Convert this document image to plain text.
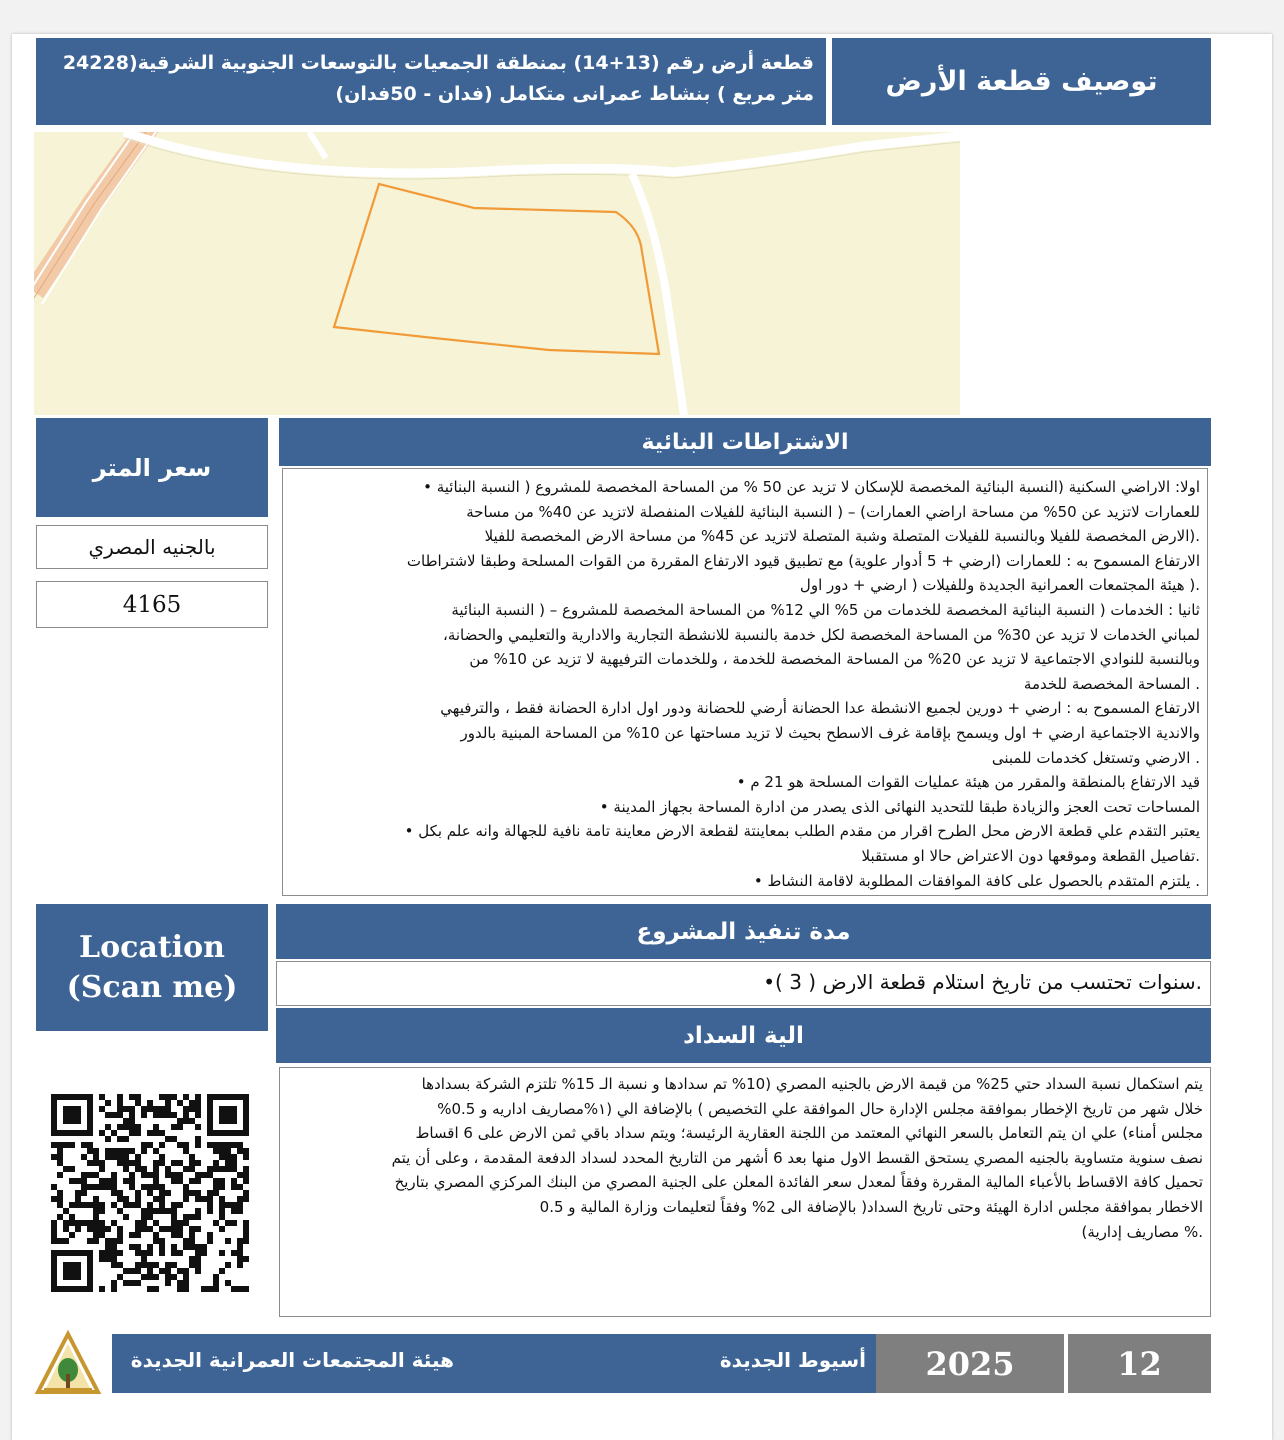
قطعة أرض رقم (13+14) بمنطقة الجمعيات بالتوسعات الجنوبية الشرقية(24228 متر مربع ) بنشاط عمرانى متكامل (فدان - 50فدان)	توصيف قطعة الأرض
سعر المتر
بالجنيه المصري
4165
الاشتراطات البنائية

اولا: الاراضي السكنية (النسبة البنائية المخصصة للإسكان لا تزيد عن 50 % من المساحة المخصصة للمشروع ( النسبة البنائية •

للعمارات لاتزيد عن 50% من مساحة اراضي العمارات) – ( النسبة البنائية للفيلات المنفصلة لاتزيد عن 40% من مساحة

.(الارض المخصصة للفيلا وبالنسبة للفيلات المتصلة وشبة المتصلة لاتزيد عن 45% من مساحة الارض المخصصة للفيلا

الارتفاع المسموح به : للعمارات (ارضي + 5 أدوار علوية) مع تطبيق قيود الارتفاع المقررة من القوات المسلحة وطبقا لاشتراطات

.( هيئة المجتمعات العمرانية الجديدة وللفيلات ( ارضي + دور اول

ثانيا : الخدمات ( النسبة البنائية المخصصة للخدمات من 5% الي 12% من المساحة المخصصة للمشروع – ( النسبة البنائية

لمباني الخدمات لا تزيد عن 30% من المساحة المخصصة لكل خدمة بالنسبة للانشطة التجارية والادارية والتعليمي والحضانة،

وبالنسبة للنوادي الاجتماعية لا تزيد عن 20% من المساحة المخصصة للخدمة ، وللخدمات الترفيهية لا تزيد عن 10% من

. المساحة المخصصة للخدمة

الارتفاع المسموح به : ارضي + دورين لجميع الانشطة عدا الحضانة أرضي للحضانة ودور اول ادارة الحضانة فقط ، والترفيهي

والاندية الاجتماعية ارضي + اول ويسمح بإقامة غرف الاسطح بحيث لا تزيد مساحتها عن 10% من المساحة المبنية بالدور

. الارضي وتستغل كخدمات للمبنى

قيد الارتفاع بالمنطقة والمقرر من هيئة عمليات القوات المسلحة هو 21 م •

المساحات تحت العجز والزيادة طبقا للتحديد النهائى الذى يصدر من ادارة المساحة بجهاز المدينة •

يعتبر التقدم علي قطعة الارض محل الطرح اقرار من مقدم الطلب بمعاينتة لقطعة الارض معاينة تامة نافية للجهالة وانه علم بكل •

.تفاصيل القطعة وموقعها دون الاعتراض حالا او مستقبلا

. يلتزم المتقدم بالحصول على كافة الموافقات المطلوبة لاقامة النشاط •

Location
(Scan me)
مدة تنفيذ المشروع
.سنوات تحتسب من تاريخ استلام قطعة الارض ( 3 )•
الية السداد

يتم استكمال نسبة السداد حتي 25% من قيمة الارض بالجنيه المصري (10% تم سدادها و نسبة الـ 15% تلتزم الشركة بسدادها

خلال شهر من تاريخ الإخطار بموافقة مجلس الإدارة حال الموافقة علي التخصيص ) بالإضافة الي (١%مصاريف اداريه و 0.5%

مجلس أمناء) علي ان يتم التعامل بالسعر النهائي المعتمد من اللجنة العقارية الرئيسة؛ ويتم سداد باقي ثمن الارض على 6 اقساط

نصف سنوية متساوية بالجنيه المصري يستحق القسط الاول منها بعد 6 أشهر من التاريخ المحدد لسداد الدفعة المقدمة ، وعلى أن يتم

تحميل كافة الاقساط بالأعباء المالية المقررة وفقاً لمعدل سعر الفائدة المعلن على الجنية المصري من البنك المركزي المصري بتاريخ

الاخطار بموافقة مجلس ادارة الهيئة وحتى تاريخ السداد( بالإضافة الى 2% وفقاً لتعليمات وزارة المالية و 0.5

.% مصاريف إدارية)

هيئة المجتمعات العمرانية الجديدة	أسيوط الجديدة	2025	12
